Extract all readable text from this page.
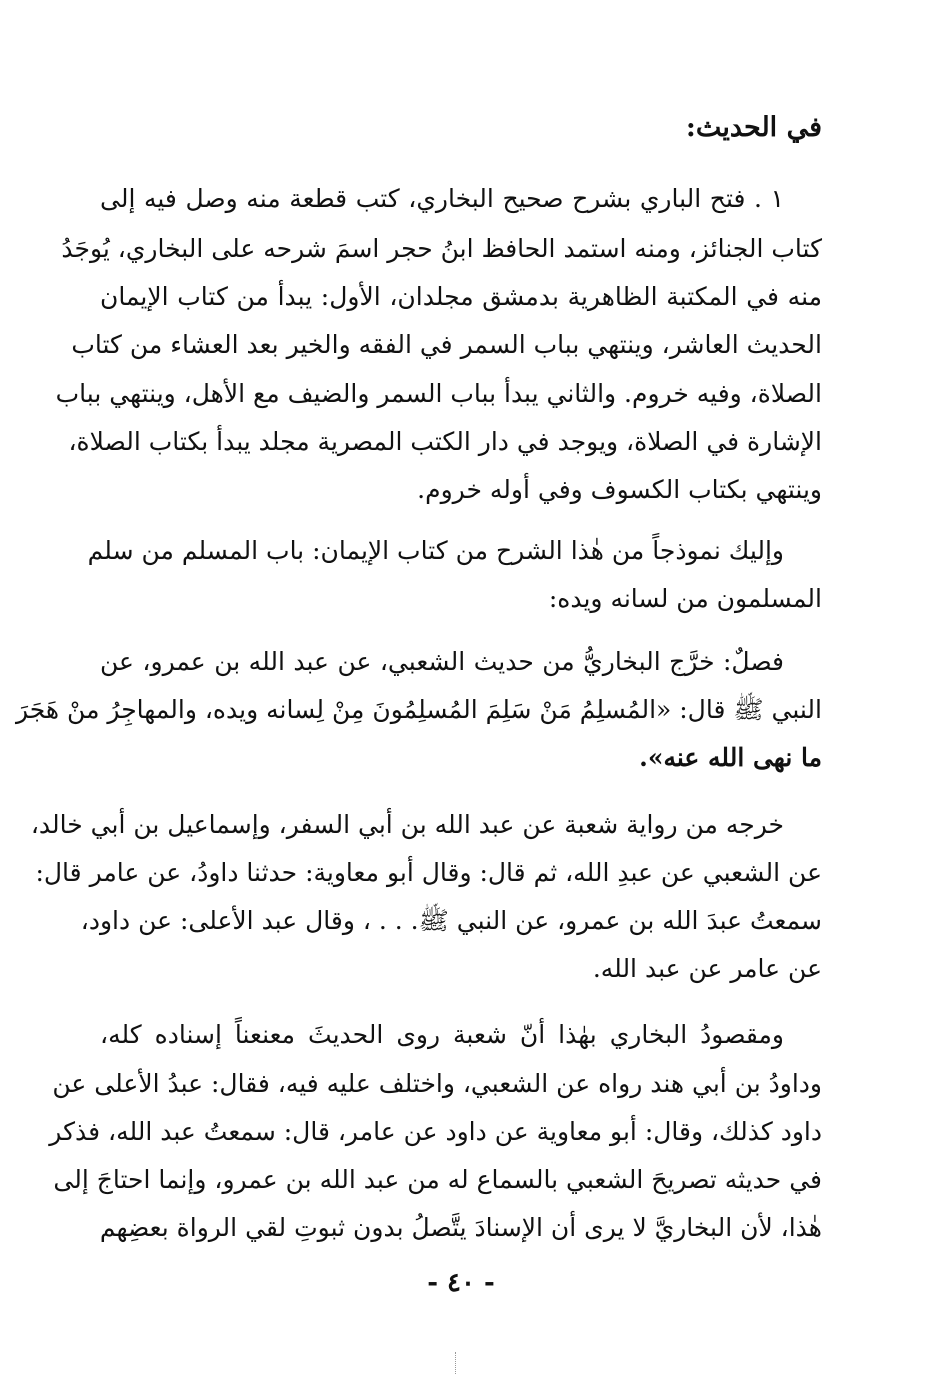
في الحديث:
١ . فتح الباري بشرح صحيح البخاري، كتب قطعة منه وصل فيه إلى
كتاب الجنائز، ومنه استمد الحافظ ابنُ حجر اسمَ شرحه على البخاري، يُوجَدُ
منه في المكتبة الظاهرية بدمشق مجلدان، الأول: يبدأ من كتاب الإيمان
الحديث العاشر، وينتهي بباب السمر في الفقه والخير بعد العشاء من كتاب
الصلاة، وفيه خروم. والثاني يبدأ بباب السمر والضيف مع الأهل، وينتهي بباب
الإشارة في الصلاة، ويوجد في دار الكتب المصرية مجلد يبدأ بكتاب الصلاة،
وينتهي بكتاب الكسوف وفي أوله خروم.
وإليك نموذجاً من هٰذا الشرح من كتاب الإيمان: باب المسلم من سلم
المسلمون من لسانه ويده:
فصلٌ: خرَّج البخاريُّ من حديث الشعبي، عن عبد الله بن عمرو، عن
النبي ﷺ قال: «المُسلِمُ مَنْ سَلِمَ المُسلِمُونَ مِنْ لِسانه ويده، والمهاجِرُ منْ هَجَرَ
ما نهى الله عنه».
خرجه من رواية شعبة عن عبد الله بن أبي السفر، وإسماعيل بن أبي خالد،
عن الشعبي عن عبدِ الله، ثم قال: وقال أبو معاوية: حدثنا داودُ، عن عامر قال:
سمعتُ عبدَ الله بن عمرو، عن النبي ﷺ. . . ، وقال عبد الأعلى: عن داود،
عن عامر عن عبد الله.
ومقصودُ البخاري بهٰذا أنّ شعبة روى الحديثَ معنعناً إسناده كله،
وداودُ بن أبي هند رواه عن الشعبي، واختلف عليه فيه، فقال: عبدُ الأعلى عن
داود كذلك، وقال: أبو معاوية عن داود عن عامر، قال: سمعتُ عبد الله، فذكر
في حديثه تصريحَ الشعبي بالسماع له من عبد الله بن عمرو، وإنما احتاجَ إلى
هٰذا، لأن البخاريَّ لا يرى أن الإسنادَ يتَّصلُ بدون ثبوتِ لقي الرواة بعضِهم
- ٤٠ -
